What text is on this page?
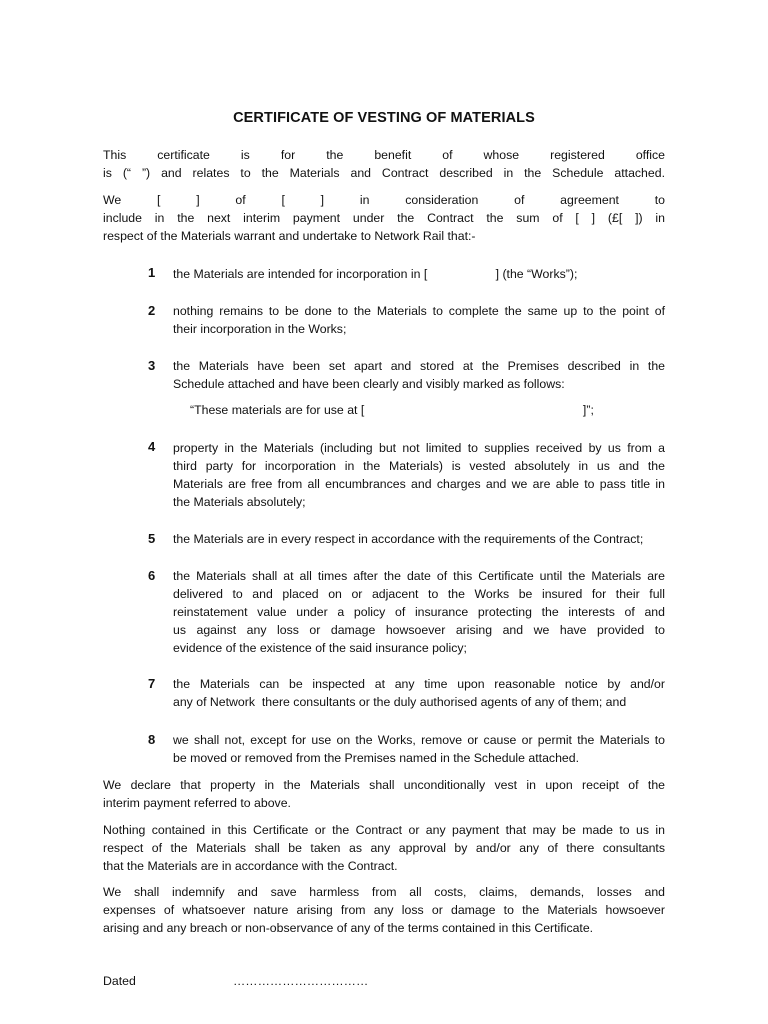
CERTIFICATE OF VESTING OF MATERIALS
This certificate is for the benefit of whose registered office
is (“ ”) and relates to the Materials and Contract described in the Schedule attached.
We [ ] of [ ] in consideration of agreement to
include in the next interim payment under the Contract the sum of [ ] (£[ ]) in
respect of the Materials warrant and undertake to Network Rail that:-
1	the Materials are intended for incorporation in [                    ] (the “Works”);
2	nothing remains to be done to the Materials to complete the same up to the point of
their incorporation in the Works;
3	the Materials have been set apart and stored at the Premises described in the
Schedule attached and have been clearly and visibly marked as follows:
“These materials are for use at [                                                                ]”;
4	property in the Materials (including but not limited to supplies received by us from a
third party for incorporation in the Materials) is vested absolutely in us and the
Materials are free from all encumbrances and charges and we are able to pass title in
the Materials absolutely;
5	the Materials are in every respect in accordance with the requirements of the Contract;
6	the Materials shall at all times after the date of this Certificate until the Materials are
delivered to and placed on or adjacent to the Works be insured for their full
reinstatement value under a policy of insurance protecting the interests of and
us against any loss or damage howsoever arising and we have provided to
evidence of the existence of the said insurance policy;
7	the Materials can be inspected at any time upon reasonable notice by and/or
any of Network  there consultants or the duly authorised agents of any of them; and
8	we shall not, except for use on the Works, remove or cause or permit the Materials to
be moved or removed from the Premises named in the Schedule attached.
We declare that property in the Materials shall unconditionally vest in upon receipt of the
interim payment referred to above.
Nothing contained in this Certificate or the Contract or any payment that may be made to us in
respect of the Materials shall be taken as any approval by and/or any of there consultants
that the Materials are in accordance with the Contract.
We shall indemnify and save harmless from all costs, claims, demands, losses and
expenses of whatsoever nature arising from any loss or damage to the Materials howsoever
arising and any breach or non-observance of any of the terms contained in this Certificate.
Dated	……………………………
